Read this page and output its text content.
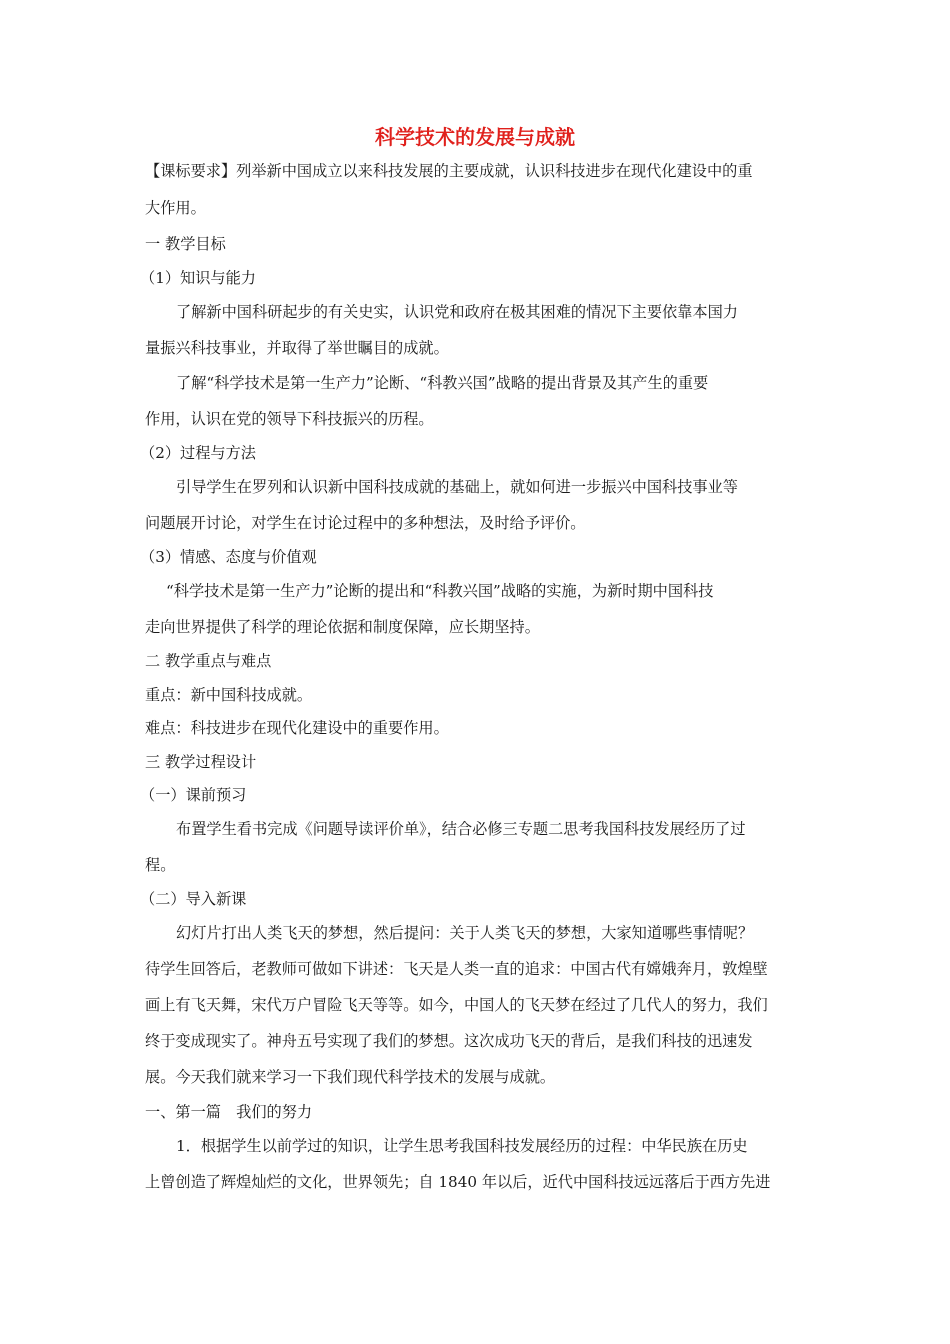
科学技术的发展与成就
【课标要求】列举新中国成立以来科技发展的主要成就，认识科技进步在现代化建设中的重
大作用。
一 教学目标
（1）知识与能力
了解新中国科研起步的有关史实，认识党和政府在极其困难的情况下主要依靠本国力
量振兴科技事业，并取得了举世瞩目的成就。
了解“科学技术是第一生产力”论断、“科教兴国”战略的提出背景及其产生的重要
作用，认识在党的领导下科技振兴的历程。
（2）过程与方法
引导学生在罗列和认识新中国科技成就的基础上，就如何进一步振兴中国科技事业等
问题展开讨论，对学生在讨论过程中的多种想法，及时给予评价。
（3）情感、态度与价值观
“科学技术是第一生产力”论断的提出和“科教兴国”战略的实施，为新时期中国科技
走向世界提供了科学的理论依据和制度保障，应长期坚持。
二 教学重点与难点
重点：新中国科技成就。
难点：科技进步在现代化建设中的重要作用。
三 教学过程设计
（一）课前预习
布置学生看书完成《问题导读评价单》，结合必修三专题二思考我国科技发展经历了过
程。
（二）导入新课
幻灯片打出人类飞天的梦想，然后提问：关于人类飞天的梦想，大家知道哪些事情呢？
待学生回答后，老教师可做如下讲述：飞天是人类一直的追求：中国古代有嫦娥奔月，敦煌壁
画上有飞天舞，宋代万户冒险飞天等等。如今，中国人的飞天梦在经过了几代人的努力，我们
终于变成现实了。神舟五号实现了我们的梦想。这次成功飞天的背后，是我们科技的迅速发
展。今天我们就来学习一下我们现代科学技术的发展与成就。
一、第一篇　我们的努力
1．根据学生以前学过的知识，让学生思考我国科技发展经历的过程：中华民族在历史
上曾创造了辉煌灿烂的文化，世界领先；自 1840 年以后，近代中国科技远远落后于西方先进
